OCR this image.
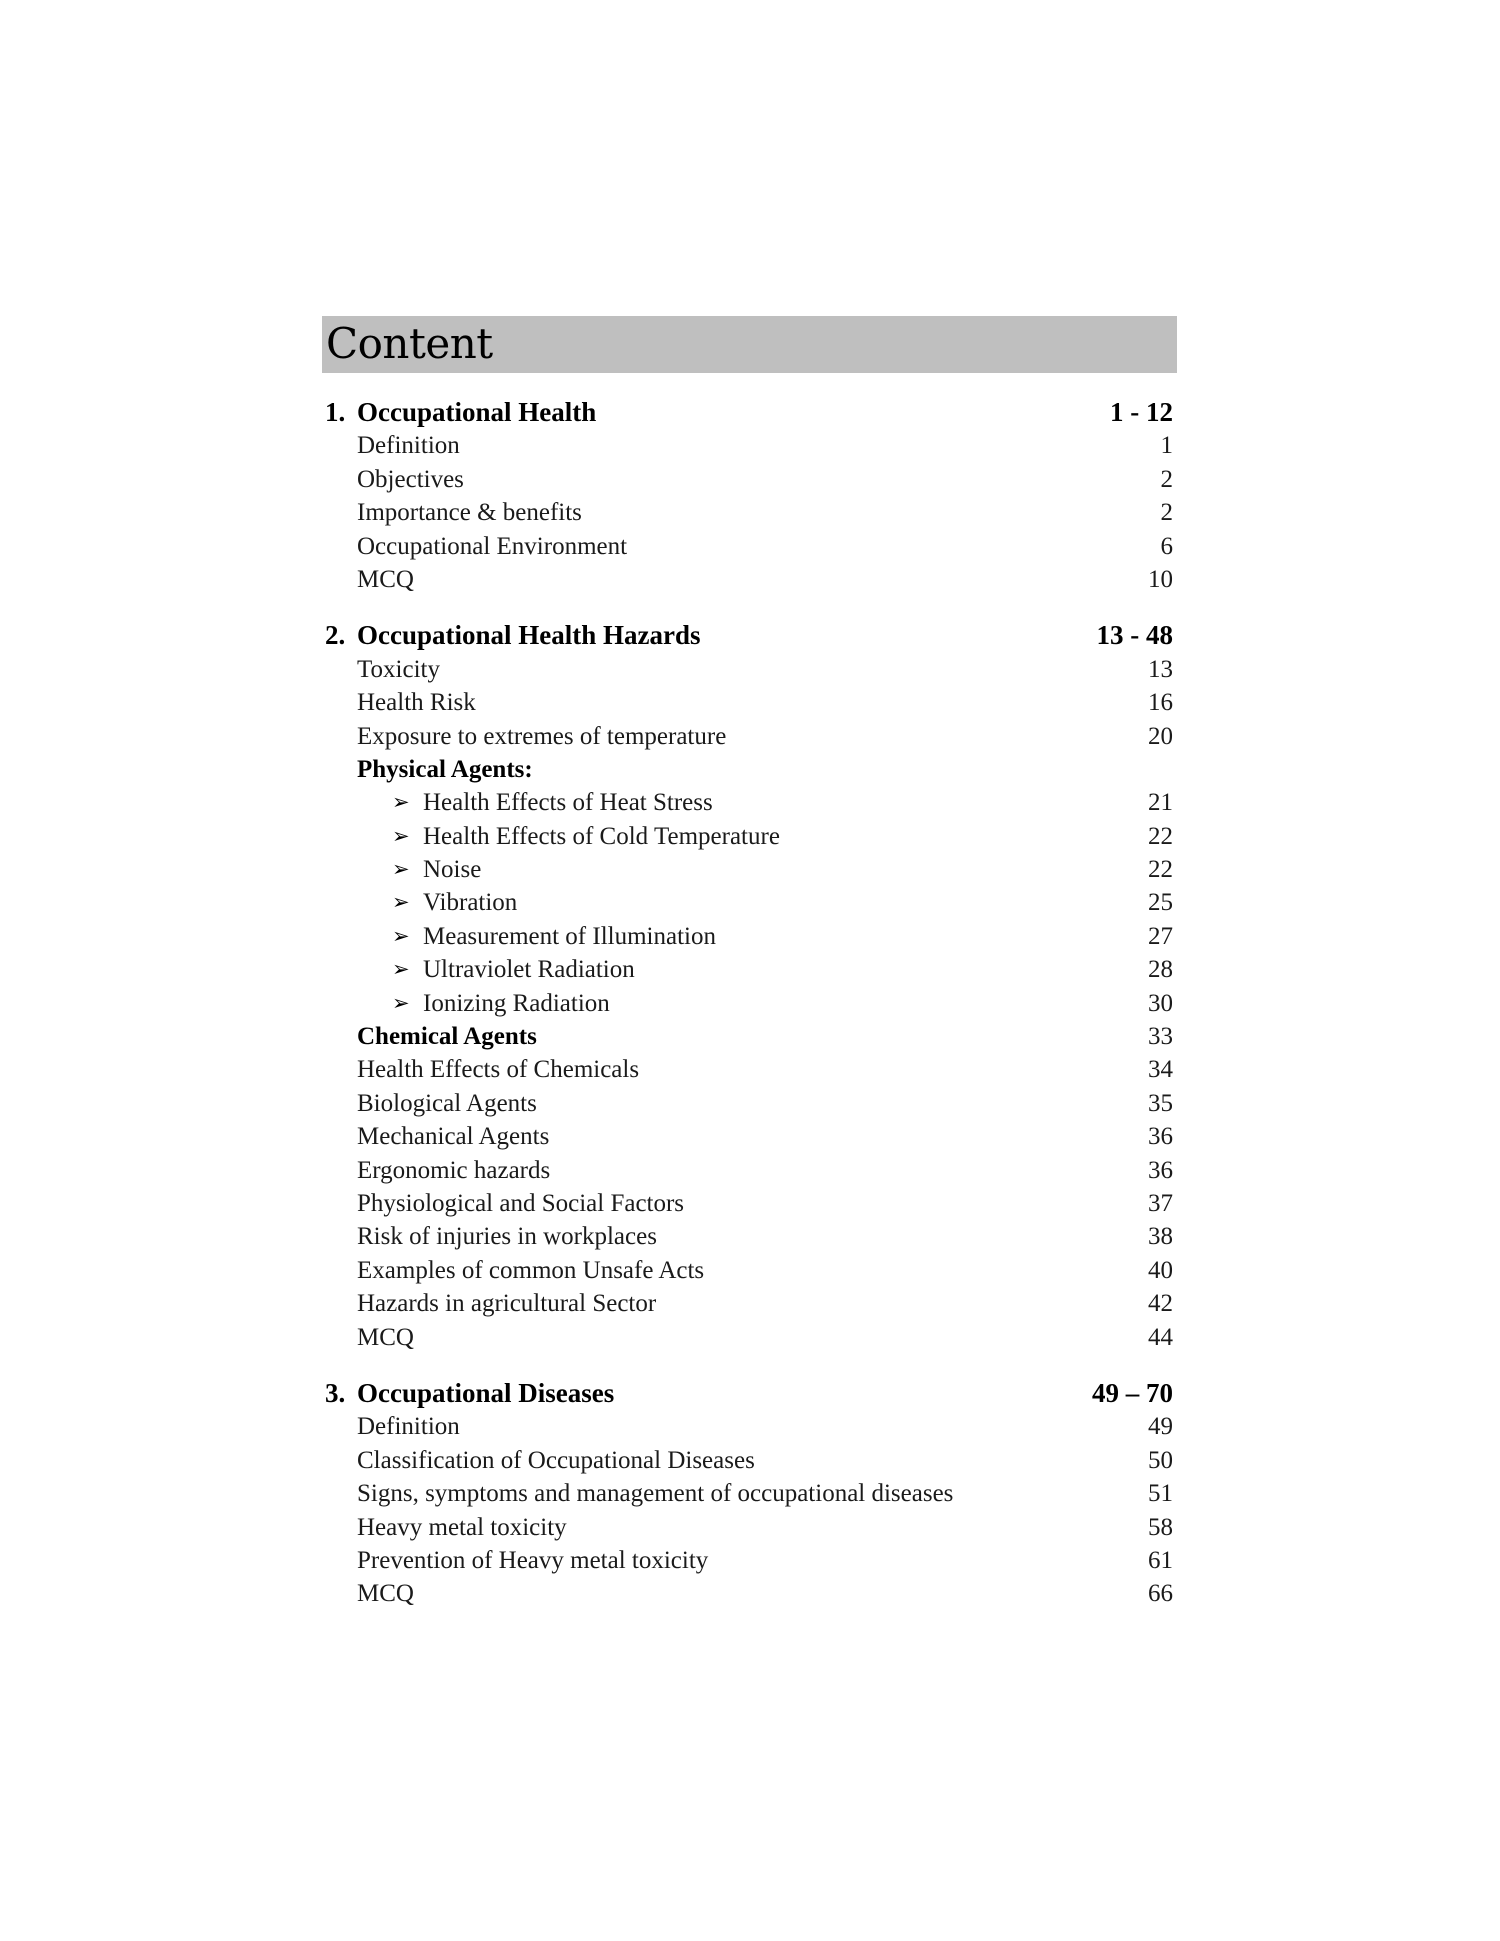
Content
1. Occupational Health	1 - 12
Definition	1
Objectives	2
Importance & benefits	2
Occupational Environment	6
MCQ	10
2. Occupational Health Hazards	13 - 48
Toxicity	13
Health Risk	16
Exposure to extremes of temperature	20
Physical Agents:
➢ Health Effects of Heat Stress	21
➢ Health Effects of Cold Temperature	22
➢ Noise	22
➢ Vibration	25
➢ Measurement of Illumination	27
➢ Ultraviolet Radiation	28
➢ Ionizing Radiation	30
Chemical Agents	33
Health Effects of Chemicals	34
Biological Agents	35
Mechanical Agents	36
Ergonomic hazards	36
Physiological and Social Factors	37
Risk of injuries in workplaces	38
Examples of common Unsafe Acts	40
Hazards in agricultural Sector	42
MCQ	44
3. Occupational Diseases	49 – 70
Definition	49
Classification of Occupational Diseases	50
Signs, symptoms and management of occupational diseases	51
Heavy metal toxicity	58
Prevention of Heavy metal toxicity	61
MCQ	66
